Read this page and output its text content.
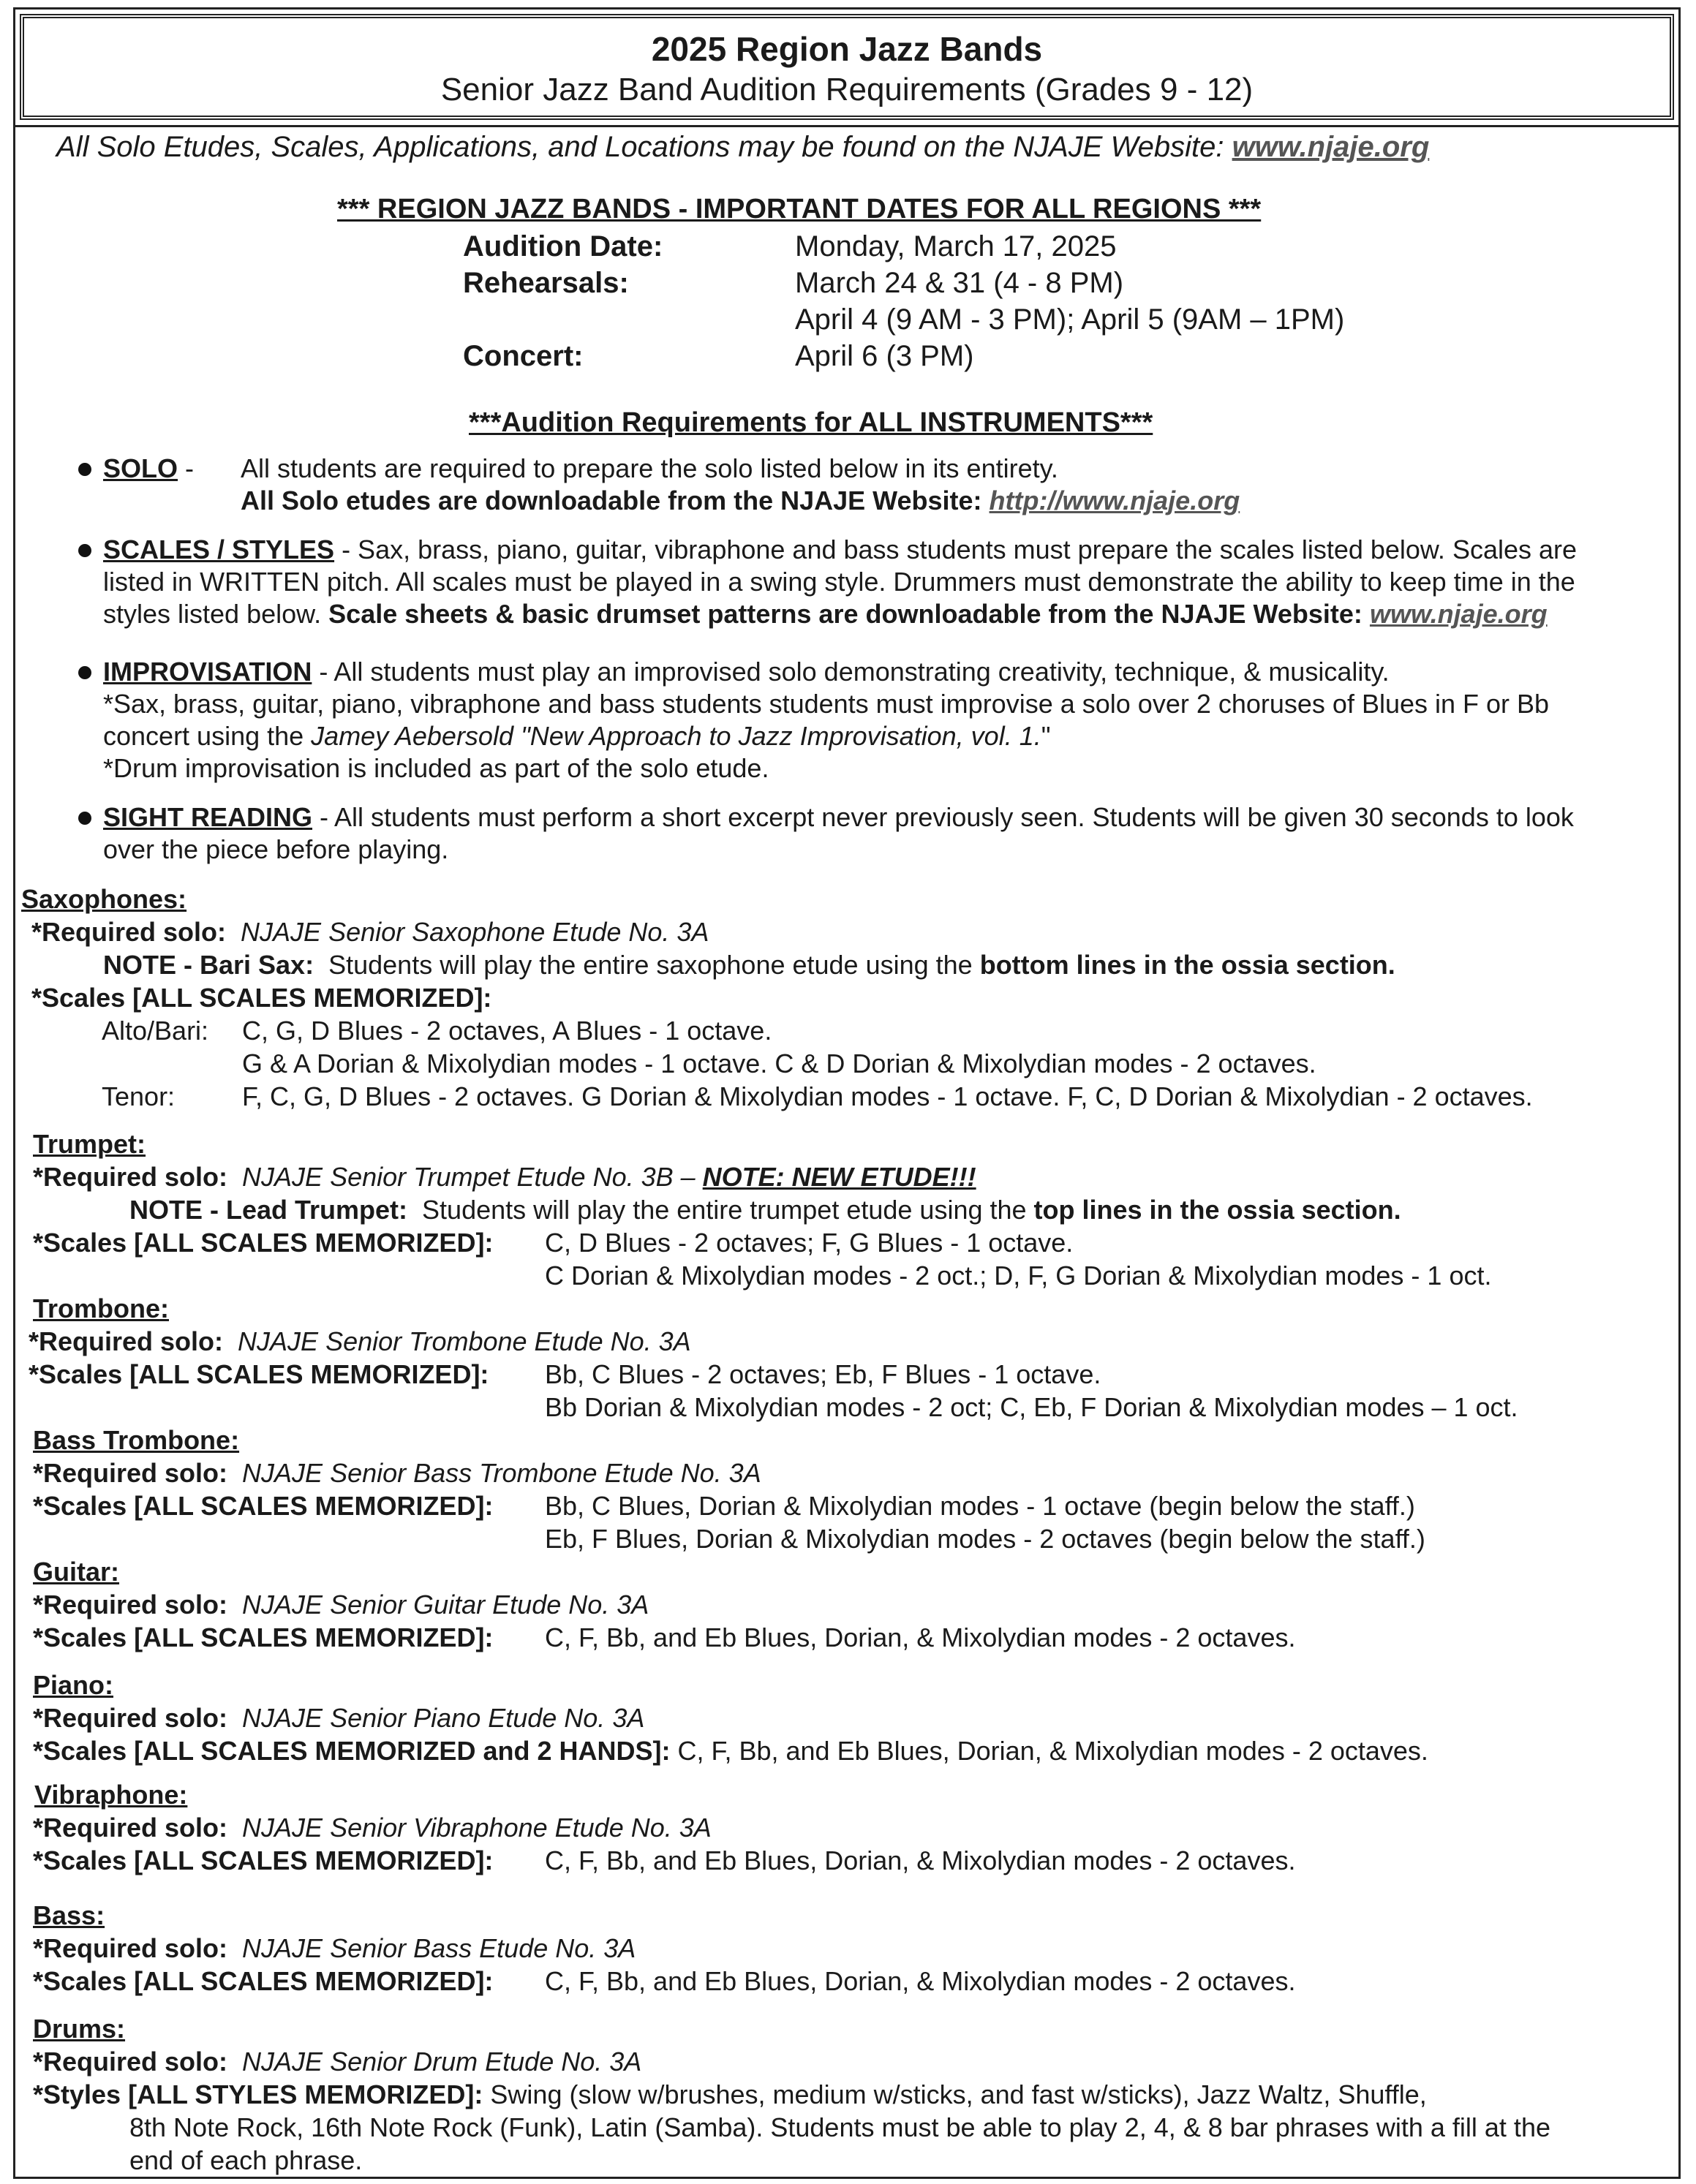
2025 Region Jazz Bands
Senior Jazz Band Audition Requirements (Grades 9 - 12)
All Solo Etudes, Scales, Applications, and Locations may be found on the NJAJE Website: www.njaje.org
*** REGION JAZZ BANDS - IMPORTANT DATES FOR ALL REGIONS ***
Audition Date:	Monday, March 17, 2025
Rehearsals:	March 24 & 31 (4 - 8 PM)
April 4 (9 AM - 3 PM); April 5 (9AM – 1PM)
Concert:	April 6 (3 PM)
***Audition Requirements for ALL INSTRUMENTS***
SOLO - All students are required to prepare the solo listed below in its entirety.
All Solo etudes are downloadable from the NJAJE Website: http://www.njaje.org
SCALES / STYLES - Sax, brass, piano, guitar, vibraphone and bass students must prepare the scales listed below. Scales are
listed in WRITTEN pitch. All scales must be played in a swing style. Drummers must demonstrate the ability to keep time in the
styles listed below. Scale sheets & basic drumset patterns are downloadable from the NJAJE Website: www.njaje.org
IMPROVISATION - All students must play an improvised solo demonstrating creativity, technique, & musicality.
*Sax, brass, guitar, piano, vibraphone and bass students students must improvise a solo over 2 choruses of Blues in F or Bb
concert using the Jamey Aebersold "New Approach to Jazz Improvisation, vol. 1."
*Drum improvisation is included as part of the solo etude.
SIGHT READING - All students must perform a short excerpt never previously seen. Students will be given 30 seconds to look
over the piece before playing.
Saxophones:
*Required solo: NJAJE Senior Saxophone Etude No. 3A
NOTE - Bari Sax: Students will play the entire saxophone etude using the bottom lines in the ossia section.
*Scales [ALL SCALES MEMORIZED]:
Alto/Bari: C, G, D Blues - 2 octaves, A Blues - 1 octave.
G & A Dorian & Mixolydian modes - 1 octave. C & D Dorian & Mixolydian modes - 2 octaves.
Tenor:	F, C, G, D Blues - 2 octaves. G Dorian & Mixolydian modes - 1 octave. F, C, D Dorian & Mixolydian - 2 octaves.
Trumpet:
*Required solo: NJAJE Senior Trumpet Etude No. 3B – NOTE: NEW ETUDE!!!
NOTE - Lead Trumpet: Students will play the entire trumpet etude using the top lines in the ossia section.
*Scales [ALL SCALES MEMORIZED]: C, D Blues - 2 octaves; F, G Blues - 1 octave.
C Dorian & Mixolydian modes - 2 oct.; D, F, G Dorian & Mixolydian modes - 1 oct.
Trombone:
*Required solo: NJAJE Senior Trombone Etude No. 3A
*Scales [ALL SCALES MEMORIZED]: Bb, C Blues - 2 octaves; Eb, F Blues - 1 octave.
Bb Dorian & Mixolydian modes - 2 oct; C, Eb, F Dorian & Mixolydian modes – 1 oct.
Bass Trombone:
*Required solo: NJAJE Senior Bass Trombone Etude No. 3A
*Scales [ALL SCALES MEMORIZED]: Bb, C Blues, Dorian & Mixolydian modes - 1 octave (begin below the staff.)
Eb, F Blues, Dorian & Mixolydian modes - 2 octaves (begin below the staff.)
Guitar:
*Required solo: NJAJE Senior Guitar Etude No. 3A
*Scales [ALL SCALES MEMORIZED]: C, F, Bb, and Eb Blues, Dorian, & Mixolydian modes - 2 octaves.
Piano:
*Required solo: NJAJE Senior Piano Etude No. 3A
*Scales [ALL SCALES MEMORIZED and 2 HANDS]: C, F, Bb, and Eb Blues, Dorian, & Mixolydian modes - 2 octaves.
Vibraphone:
*Required solo: NJAJE Senior Vibraphone Etude No. 3A
*Scales [ALL SCALES MEMORIZED]: C, F, Bb, and Eb Blues, Dorian, & Mixolydian modes - 2 octaves.
Bass:
*Required solo: NJAJE Senior Bass Etude No. 3A
*Scales [ALL SCALES MEMORIZED]: C, F, Bb, and Eb Blues, Dorian, & Mixolydian modes - 2 octaves.
Drums:
*Required solo: NJAJE Senior Drum Etude No. 3A
*Styles [ALL STYLES MEMORIZED]: Swing (slow w/brushes, medium w/sticks, and fast w/sticks), Jazz Waltz, Shuffle,
8th Note Rock, 16th Note Rock (Funk), Latin (Samba). Students must be able to play 2, 4, & 8 bar phrases with a fill at the
end of each phrase.
